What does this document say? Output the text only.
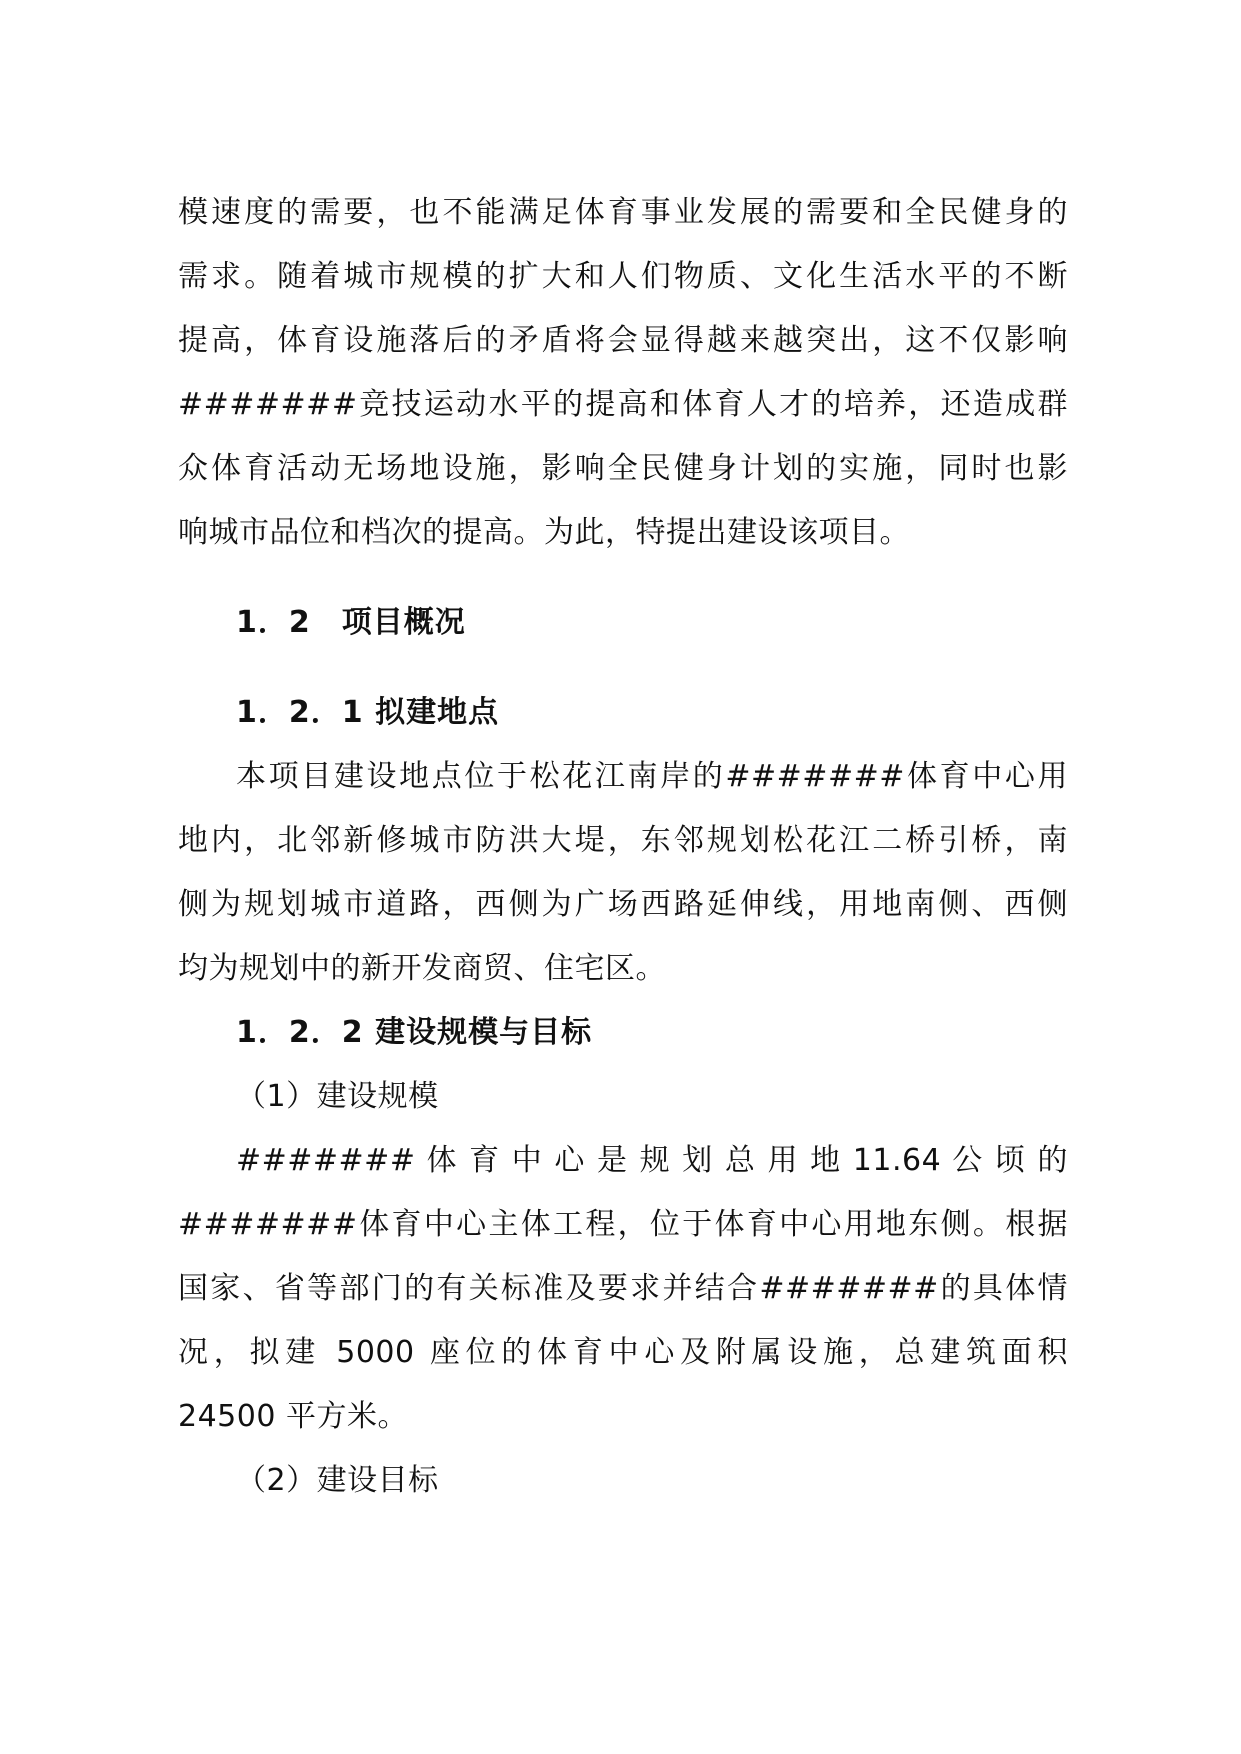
模速度的需要，也不能满足体育事业发展的需要和全民健身的
需求。随着城市规模的扩大和人们物质、文化生活水平的不断
提高，体育设施落后的矛盾将会显得越来越突出，这不仅影响
#######竞技运动水平的提高和体育人才的培养，还造成群
众体育活动无场地设施，影响全民健身计划的实施，同时也影
响城市品位和档次的提高。为此，特提出建设该项目。
1．2　项目概况
1．2．1 拟建地点
本项目建设地点位于松花江南岸的#######体育中心用
地内，北邻新修城市防洪大堤，东邻规划松花江二桥引桥，南
侧为规划城市道路，西侧为广场西路延伸线，用地南侧、西侧
均为规划中的新开发商贸、住宅区。
1．2．2 建设规模与目标
（1）建设规模
####### 体 育 中 心 是 规 划 总 用 地 11.64 公 顷 的
#######体育中心主体工程，位于体育中心用地东侧。根据
国家、省等部门的有关标准及要求并结合#######的具体情
况，拟建 5000 座位的体育中心及附属设施，总建筑面积
24500 平方米。
（2）建设目标
